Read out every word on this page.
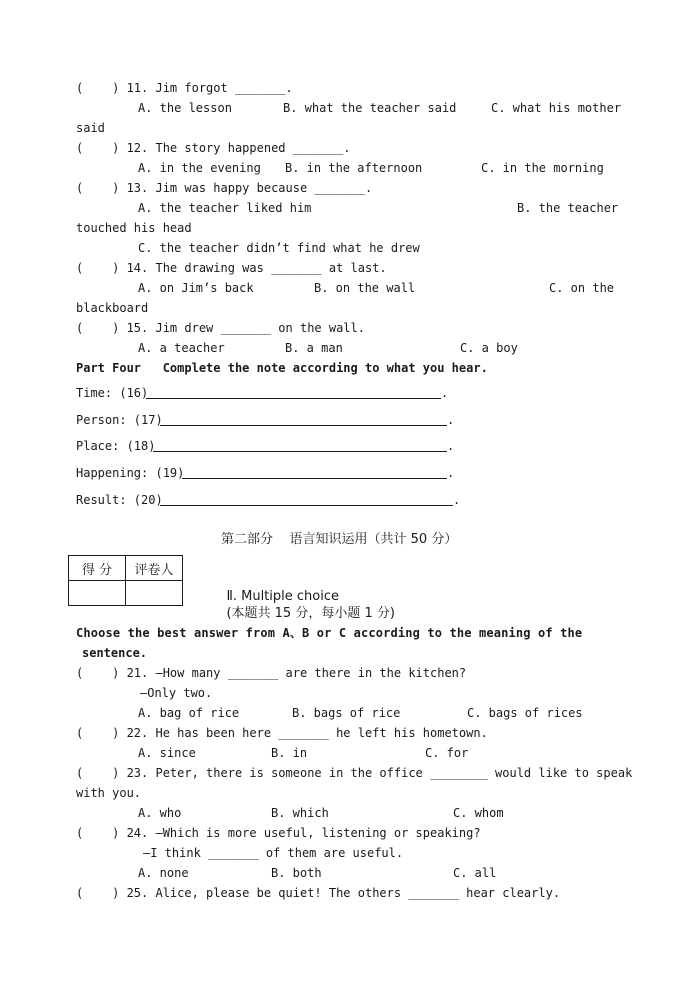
(    ) 11. Jim forgot _______.
A. the lesson	B. what the teacher said	C. what his mother
said
(    ) 12. The story happened _______.
A. in the evening B. in the afternoon	C. in the morning
(    ) 13. Jim was happy because _______.
A. the teacher liked him	B. the teacher
touched his head
C. the teacher didn’t find what he drew
(    ) 14. The drawing was _______ at last.
A. on Jim’s back	B. on the wall	C. on the
blackboard
(    ) 15. Jim drew _______ on the wall.
A. a teacher	B. a man	C. a boy
Part Four   Complete the note according to what you hear.
Time: (16)	.
Person: (17)	.
Place: (18)	.
Happening: (19)	.
Result: (20)	.
第二部分    语言知识运用（共计 50 分）
得 分	评卷人

Ⅱ. Multiple choice
(本题共 15 分，每小题 1 分)

Choose the best answer from A、B or C according to the meaning of the
sentence.
(    ) 21. —How many _______ are there in the kitchen?
—Only two.
A. bag of rice	B. bags of rice	C. bags of rices
(    ) 22. He has been here _______ he left his hometown.
A. since	B. in	C. for
(    ) 23. Peter, there is someone in the office ________ would like to speak
with you.
A. who	B. which	C. whom
(    ) 24. —Which is more useful, listening or speaking?
—I think _______ of them are useful.
A. none	B. both	C. all
(    ) 25. Alice, please be quiet! The others _______ hear clearly.
